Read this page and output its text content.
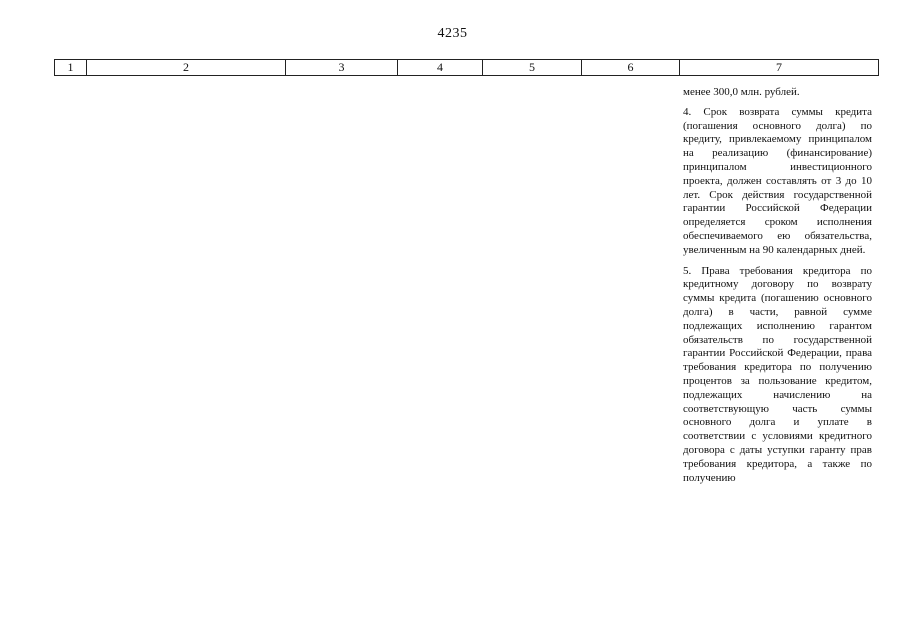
4235
1	2	3	4	5	6	7

менее 300,0 млн. рублей.

4. Срок возврата суммы кредита (погашения основного долга) по кредиту, привлекаемому принципалом на реализацию (финансирование) принципалом инвестиционного проекта, должен составлять от 3 до 10 лет. Срок действия государственной гарантии Российской Федерации определяется сроком исполнения обеспечиваемого ею обязательства, увеличенным на 90 календарных дней.

5. Права требования кредитора по кредитному договору по возврату суммы кредита (погашению основного долга) в части, равной сумме подлежащих исполнению гарантом обязательств по государственной гарантии Российской Федерации, права требования кредитора по получению процентов за пользование кредитом, подлежащих начислению на соответствующую часть суммы основного долга и уплате в соответствии с условиями кредитного договора с даты уступки гаранту прав требования кредитора, а также по получению
